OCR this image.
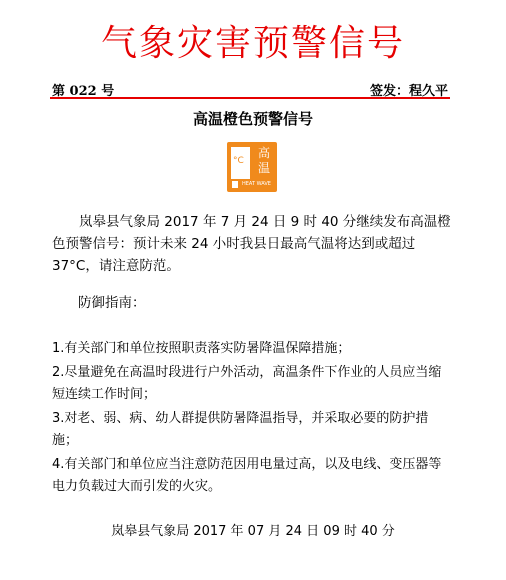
气象灾害预警信号
第 022 号	签发：程久平
高温橙色预警信号
°C
高
温
HEAT WAVE
岚皋县气象局 2017 年 7 月 24 日 9 时 40 分继续发布高温橙色预警信号：预计未来 24 小时我县日最高气温将达到或超过 37°C，请注意防范。
防御指南：
1.有关部门和单位按照职责落实防暑降温保障措施；
2.尽量避免在高温时段进行户外活动，高温条件下作业的人员应当缩短连续工作时间；
3.对老、弱、病、幼人群提供防暑降温指导，并采取必要的防护措施；
4.有关部门和单位应当注意防范因用电量过高，以及电线、变压器等电力负载过大而引发的火灾。
岚皋县气象局 2017 年 07 月 24 日 09 时 40 分
